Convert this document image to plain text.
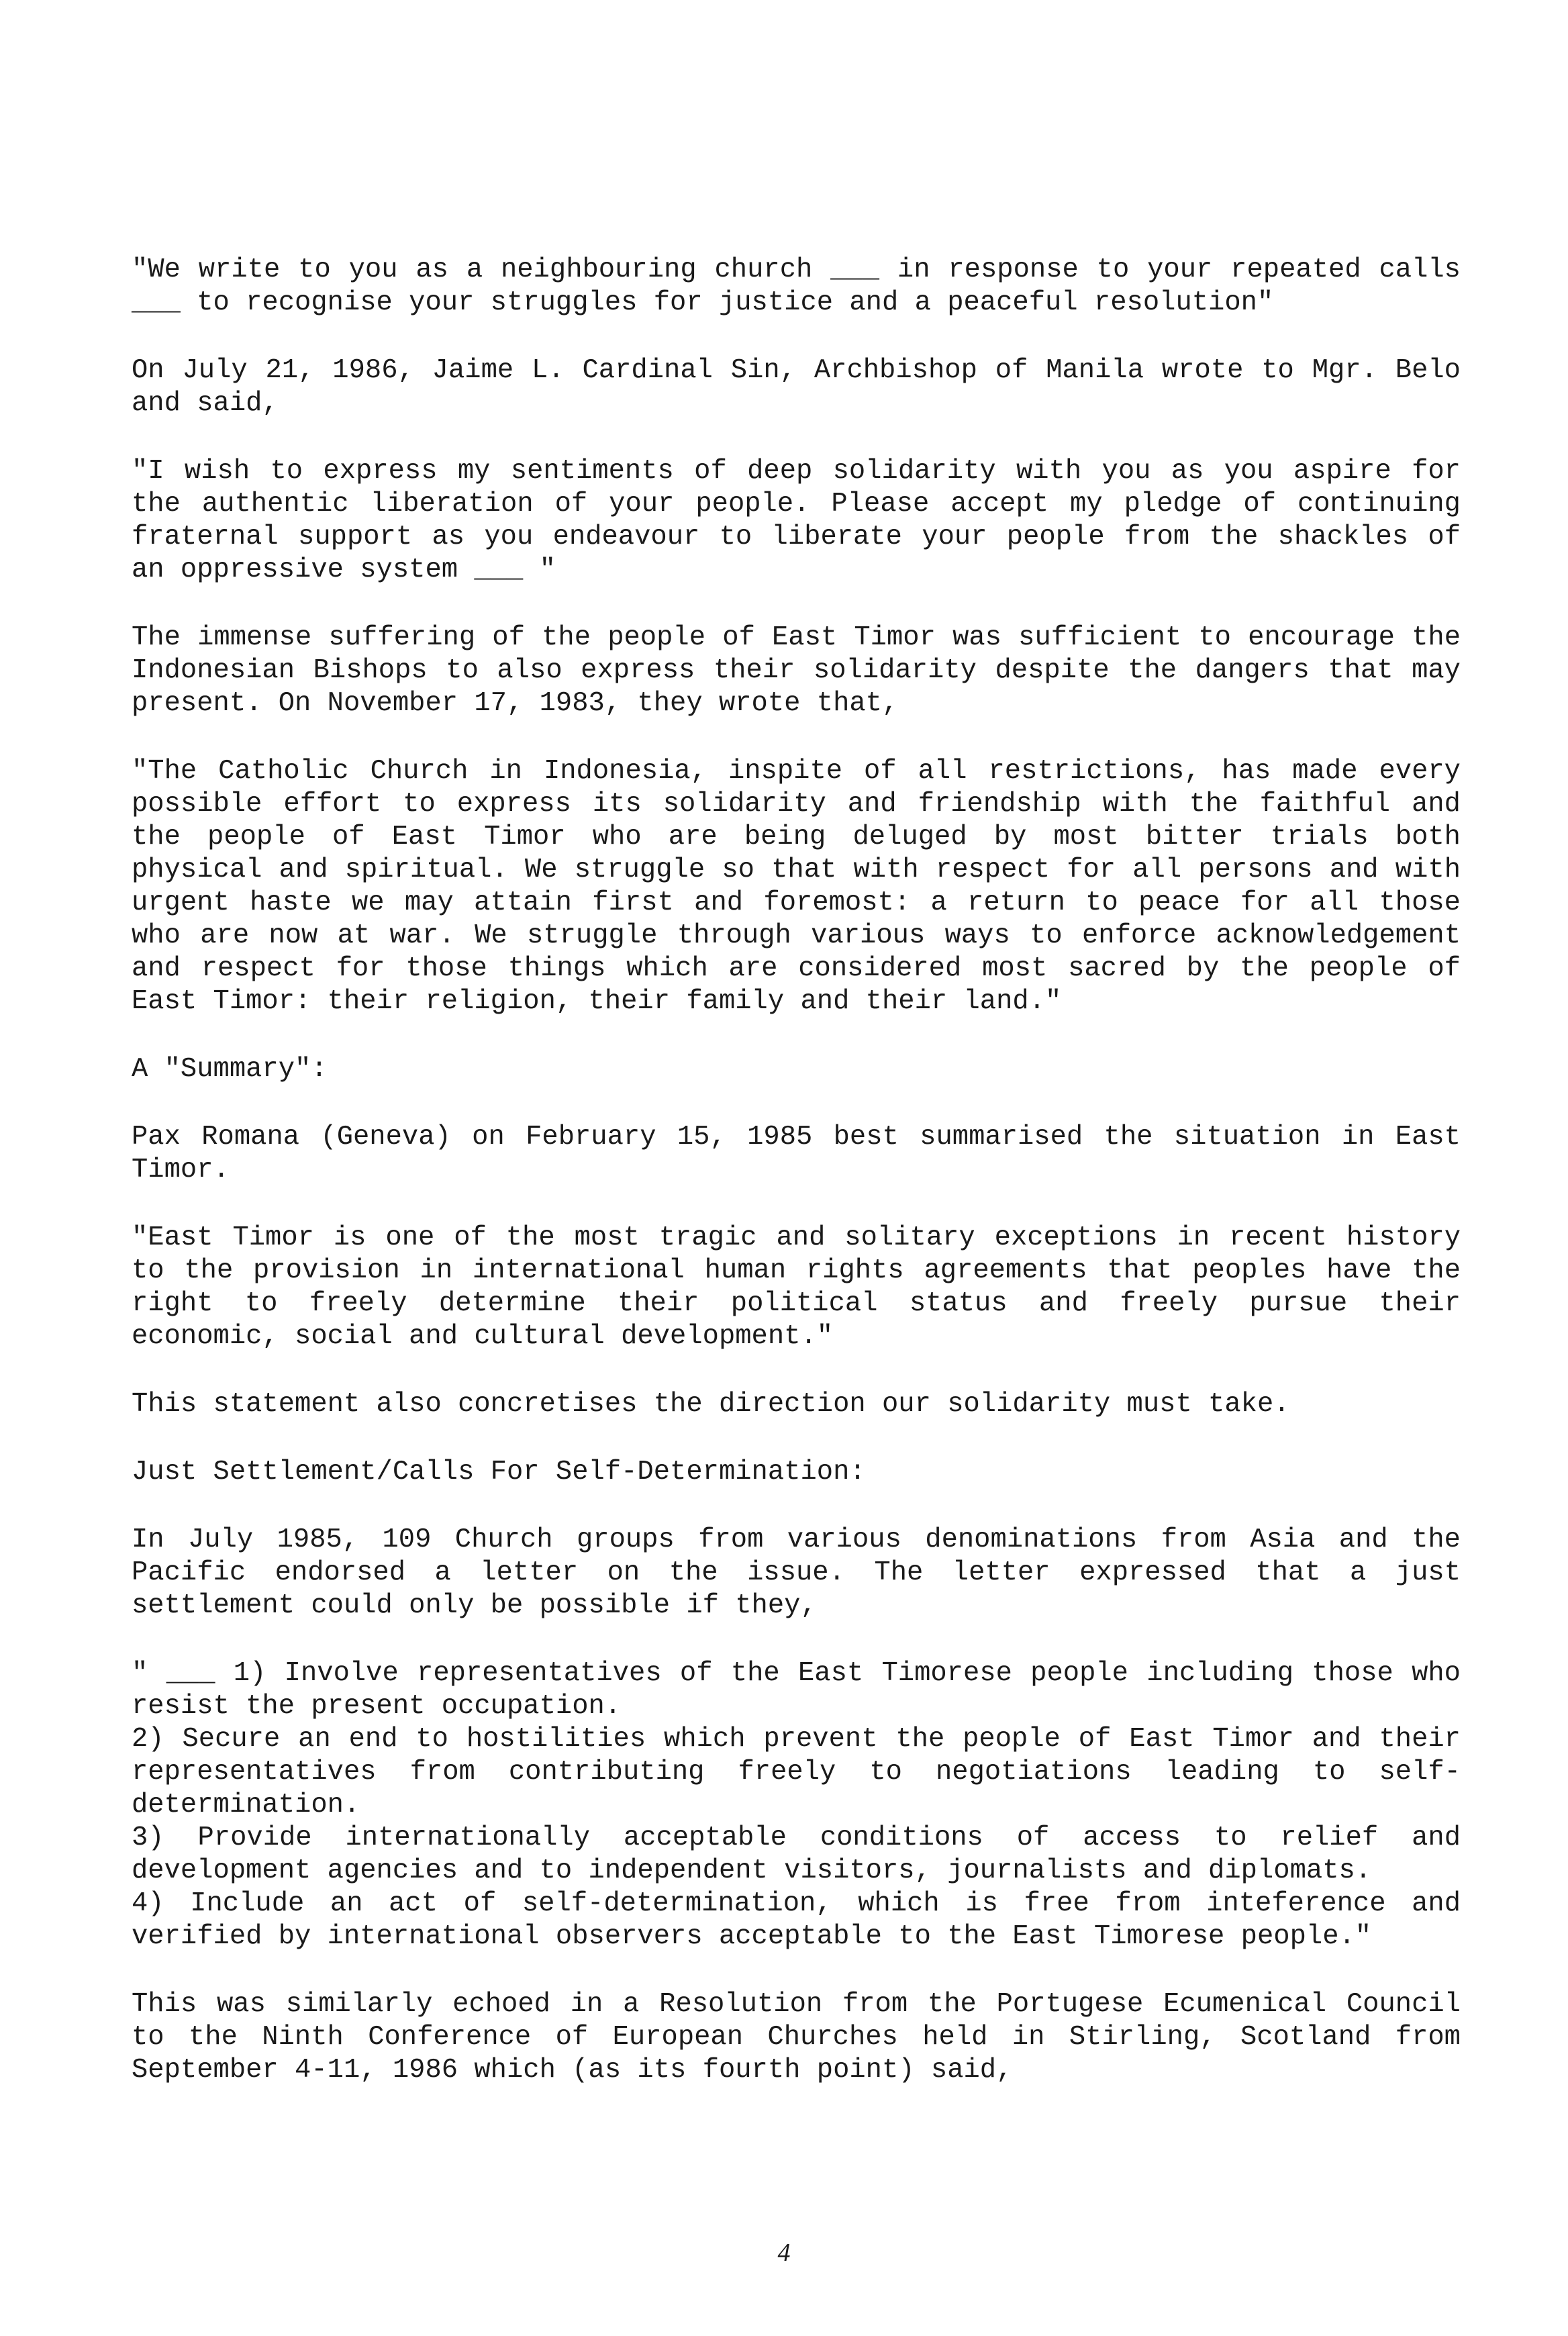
"We write to you as a neighbouring church ___ in response to your repeated calls ___ to recognise your struggles for justice and a peaceful resolution"

On July 21, 1986, Jaime L. Cardinal Sin, Archbishop of Manila wrote to Mgr. Belo and said,

"I wish to express my sentiments of deep solidarity with you as you aspire for the authentic liberation of your people. Please accept my pledge of continuing fraternal support as you endeavour to liberate your people from the shackles of an oppressive system ___ "

The immense suffering of the people of East Timor was sufficient to encourage the Indonesian Bishops to also express their solidarity despite the dangers that may present. On November 17, 1983, they wrote that,

"The Catholic Church in Indonesia, inspite of all restrictions, has made every possible effort to express its solidarity and friendship with the faithful and the people of East Timor who are being deluged by most bitter trials both physical and spiritual. We struggle so that with respect for all persons and with urgent haste we may attain first and foremost: a return to peace for all those who are now at war. We struggle through various ways to enforce acknowledgement and respect for those things which are considered most sacred by the people of East Timor: their religion, their family and their land."

A "Summary":

Pax Romana (Geneva) on February 15, 1985 best summarised the situation in East Timor.

"East Timor is one of the most tragic and solitary exceptions in recent history to the provision in international human rights agreements that peoples have the right to freely determine their political status and freely pursue their economic, social and cultural development."

This statement also concretises the direction our solidarity must take.

Just Settlement/Calls For Self-Determination:

In July 1985, 109 Church groups from various denominations from Asia and the Pacific endorsed a letter on the issue. The letter expressed that a just settlement could only be possible if they,

" ___ 1) Involve representatives of the East Timorese people including those who resist the present occupation.
2) Secure an end to hostilities which prevent the people of East Timor and their representatives from contributing freely to negotiations leading to self-determination.
3) Provide internationally acceptable conditions of access to relief and development agencies and to independent visitors, journalists and diplomats.
4) Include an act of self-determination, which is free from inteference and verified by international observers acceptable to the East Timorese people."

This was similarly echoed in a Resolution from the Portugese Ecumenical Council to the Ninth Conference of European Churches held in Stirling, Scotland from September 4-11, 1986 which (as its fourth point) said,

4
